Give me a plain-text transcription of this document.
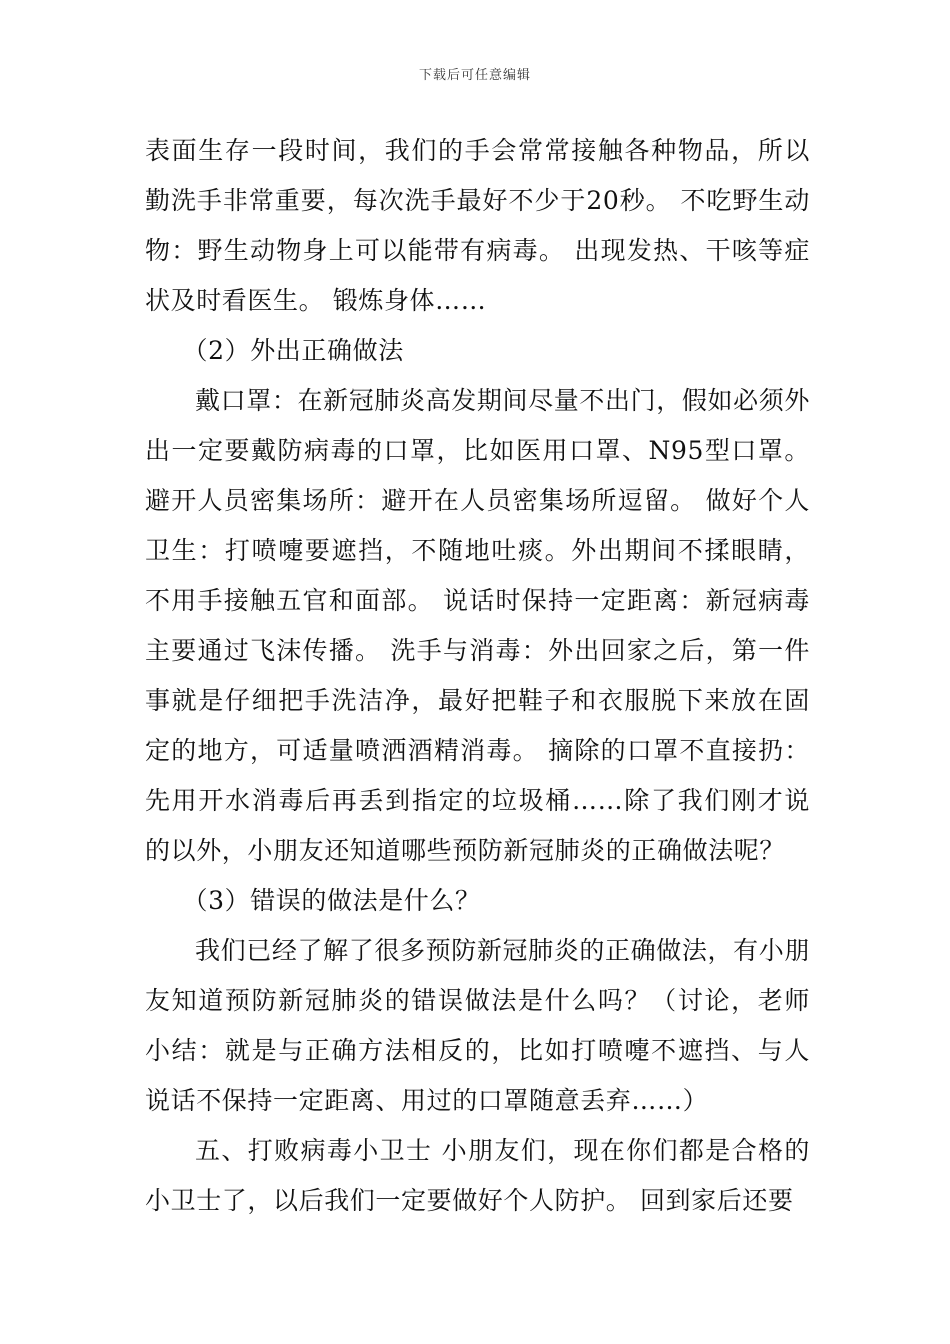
下载后可任意编辑

表面生存一段时间，我们的手会常常接触各种物品，所以勤洗手非常重要，每次洗手最好不少于20秒。 不吃野生动物：野生动物身上可以能带有病毒。 出现发热、干咳等症状及时看医生。 锻炼身体……

（2）外出正确做法

戴口罩：在新冠肺炎高发期间尽量不出门，假如必须外出一定要戴防病毒的口罩，比如医用口罩、N95型口罩。避开人员密集场所：避开在人员密集场所逗留。 做好个人卫生：打喷嚏要遮挡，不随地吐痰。外出期间不揉眼睛，不用手接触五官和面部。 说话时保持一定距离：新冠病毒主要通过飞沫传播。 洗手与消毒：外出回家之后，第一件事就是仔细把手洗洁净，最好把鞋子和衣服脱下来放在固定的地方，可适量喷洒酒精消毒。 摘除的口罩不直接扔：先用开水消毒后再丢到指定的垃圾桶……除了我们刚才说的以外，小朋友还知道哪些预防新冠肺炎的正确做法呢？

（3）错误的做法是什么？

我们已经了解了很多预防新冠肺炎的正确做法，有小朋友知道预防新冠肺炎的错误做法是什么吗？（讨论，老师小结：就是与正确方法相反的，比如打喷嚏不遮挡、与人说话不保持一定距离、用过的口罩随意丢弃……）

五、打败病毒小卫士 小朋友们，现在你们都是合格的小卫士了，以后我们一定要做好个人防护。 回到家后还要
